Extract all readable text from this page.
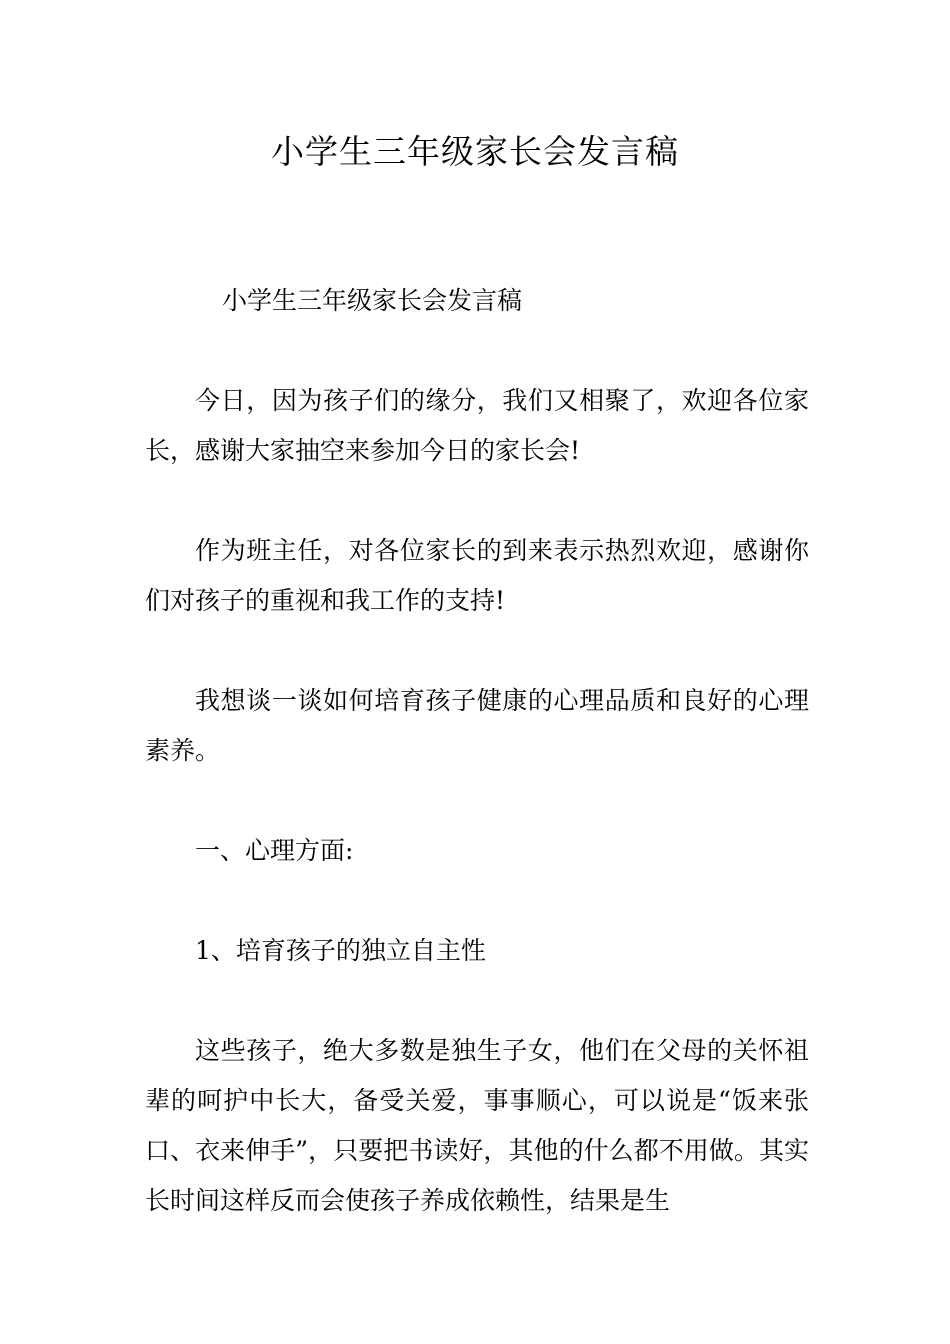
小学生三年级家长会发言稿

小学生三年级家长会发言稿

今日，因为孩子们的缘分，我们又相聚了，欢迎各位家长，感谢大家抽空来参加今日的家长会!

作为班主任，对各位家长的到来表示热烈欢迎，感谢你们对孩子的重视和我工作的支持!

我想谈一谈如何培育孩子健康的心理品质和良好的心理素养。

一、心理方面:

1、培育孩子的独立自主性

这些孩子，绝大多数是独生子女，他们在父母的关怀祖辈的呵护中长大，备受关爱，事事顺心，可以说是“饭来张口、衣来伸手”，只要把书读好，其他的什么都不用做。其实长时间这样反而会使孩子养成依赖性，结果是生
